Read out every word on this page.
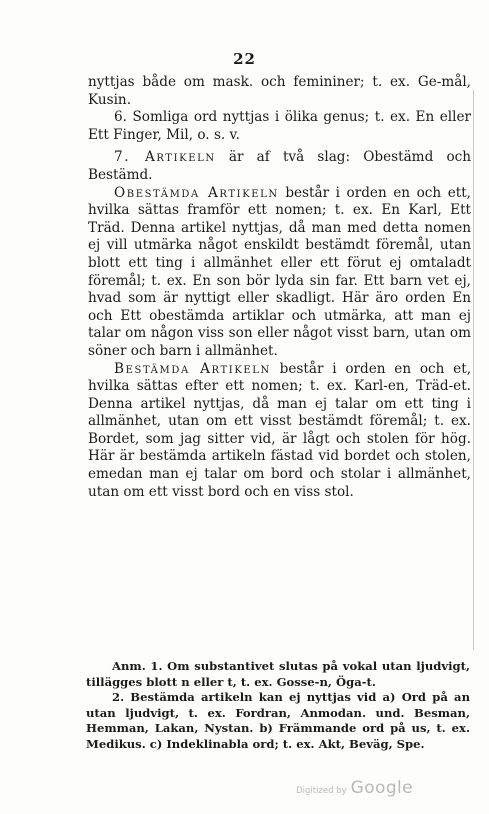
22

nyttjas både om mask. och femininer; t. ex. Ge-mål, Kusin.

6. Somliga ord nyttjas i ölika genus; t. ex. En eller Ett Finger, Mil, o. s. v.

7. Artikeln är af två slag: Obestämd och Bestämd.

Obestämda Artikeln består i orden en och ett, hvilka sättas framför ett nomen; t. ex. En Karl, Ett Träd. Denna artikel nyttjas, då man med detta nomen ej vill utmärka något enskildt bestämdt föremål, utan blott ett ting i allmänhet eller ett förut ej omtaladt föremål; t. ex. En son bör lyda sin far. Ett barn vet ej, hvad som är nyttigt eller skadligt. Här äro orden En och Ett obestämda artiklar och utmärka, att man ej talar om någon viss son eller något visst barn, utan om söner och barn i allmänhet.

Bestämda Artikeln består i orden en och et, hvilka sättas efter ett nomen; t. ex. Karl-en, Träd-et. Denna artikel nyttjas, då man ej talar om ett ting i allmänhet, utan om ett visst bestämdt föremål; t. ex. Bordet, som jag sitter vid, är lågt och stolen för hög. Här är bestämda artikeln fästad vid bordet och stolen, emedan man ej talar om bord och stolar i allmänhet, utan om ett visst bord och en viss stol.

Anm. 1. Om substantivet slutas på vokal utan ljudvigt, tillägges blott n eller t, t. ex. Gosse-n, Öga-t.

2. Bestämda artikeln kan ej nyttjas vid a) Ord på an utan ljudvigt, t. ex. Fordran, Anmodan. und. Besman, Hemman, Lakan, Nystan. b) Främmande ord på us, t. ex. Medikus. c) Indeklinabla ord; t. ex. Akt, Beväg, Spe.

Digitized by Google
